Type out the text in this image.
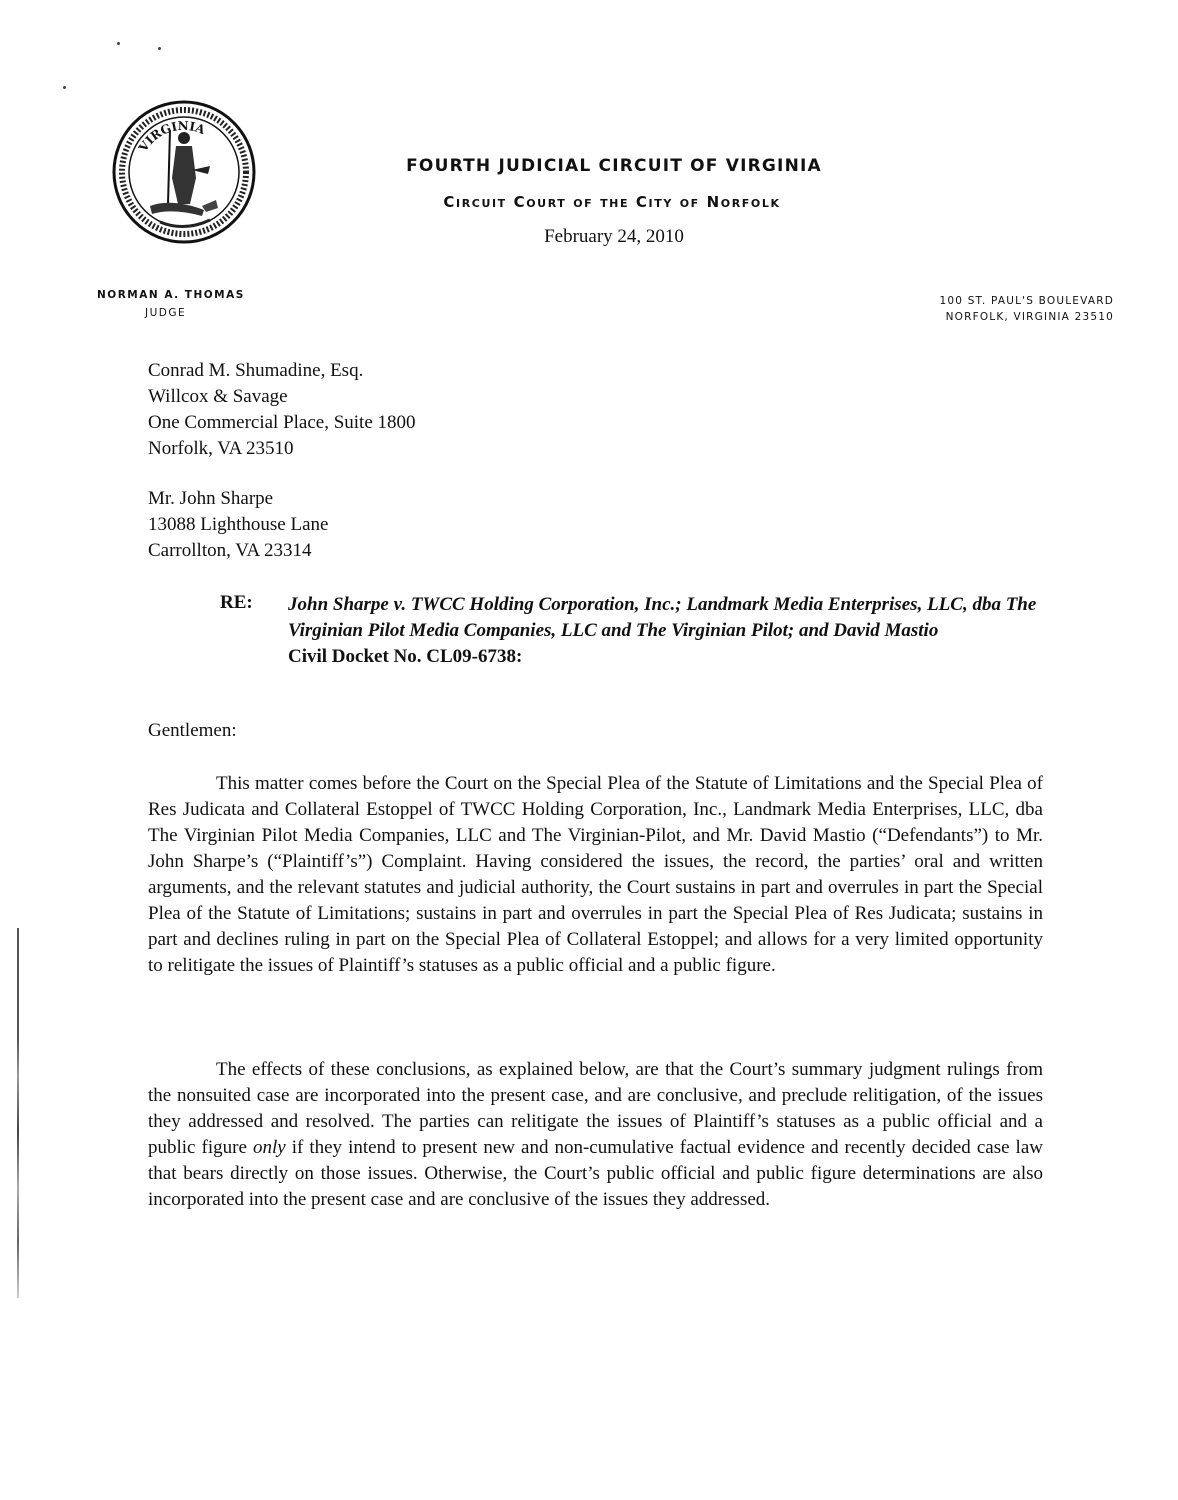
VIRGINIA
FOURTH JUDICIAL CIRCUIT OF VIRGINIA
Circuit Court of the City of Norfolk
February 24, 2010
NORMAN A. THOMAS
JUDGE
100 ST. PAUL'S BOULEVARD
NORFOLK, VIRGINIA 23510
Conrad M. Shumadine, Esq.
Willcox & Savage
One Commercial Place, Suite 1800
Norfolk, VA 23510
Mr. John Sharpe
13088 Lighthouse Lane
Carrollton, VA 23314
RE: John Sharpe v. TWCC Holding Corporation, Inc.; Landmark Media Enterprises, LLC, dba The Virginian Pilot Media Companies, LLC and The Virginian Pilot; and David Mastio
Civil Docket No. CL09-6738:
Gentlemen:
This matter comes before the Court on the Special Plea of the Statute of Limitations and the Special Plea of Res Judicata and Collateral Estoppel of TWCC Holding Corporation, Inc., Landmark Media Enterprises, LLC, dba The Virginian Pilot Media Companies, LLC and The Virginian-Pilot, and Mr. David Mastio (“Defendants”) to Mr. John Sharpe’s (“Plaintiff’s”) Complaint. Having considered the issues, the record, the parties’ oral and written arguments, and the relevant statutes and judicial authority, the Court sustains in part and overrules in part the Special Plea of the Statute of Limitations; sustains in part and overrules in part the Special Plea of Res Judicata; sustains in part and declines ruling in part on the Special Plea of Collateral Estoppel; and allows for a very limited opportunity to relitigate the issues of Plaintiff’s statuses as a public official and a public figure.
The effects of these conclusions, as explained below, are that the Court’s summary judgment rulings from the nonsuited case are incorporated into the present case, and are conclusive, and preclude relitigation, of the issues they addressed and resolved. The parties can relitigate the issues of Plaintiff’s statuses as a public official and a public figure only if they intend to present new and non-cumulative factual evidence and recently decided case law that bears directly on those issues. Otherwise, the Court’s public official and public figure determinations are also incorporated into the present case and are conclusive of the issues they addressed.
